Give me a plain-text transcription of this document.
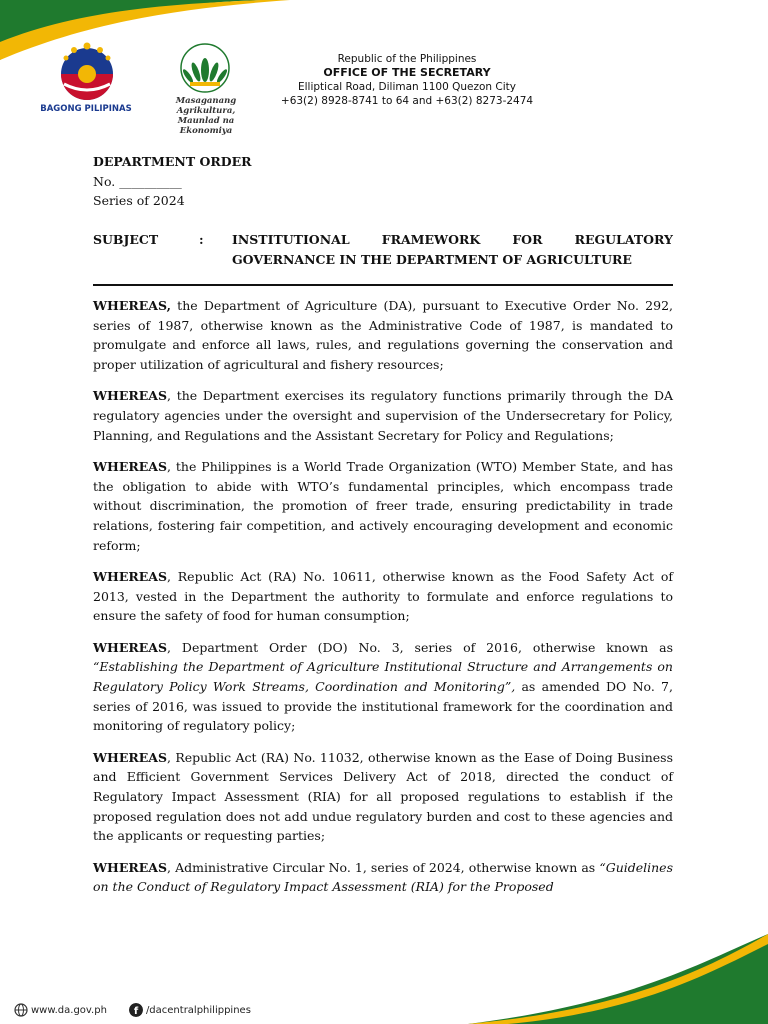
BAGONG PILIPINAS
Masaganang Agrikultura,
Maunlad na Ekonomiya
Republic of the Philippines
OFFICE OF THE SECRETARY
Elliptical Road, Diliman 1100 Quezon City
+63(2) 8928-8741 to 64 and +63(2) 8273-2474
DEPARTMENT ORDER
No. __________
Series of 2024
SUBJECT	: INSTITUTIONAL	FRAMEWORK	FOR	REGULATORY
GOVERNANCE IN THE DEPARTMENT OF AGRICULTURE

WHEREAS, the Department of Agriculture (DA), pursuant to Executive Order No. 292, series of 1987, otherwise known as the Administrative Code of 1987, is mandated to promulgate and enforce all laws, rules, and regulations governing the conservation and proper utilization of agricultural and fishery resources;

WHEREAS, the Department exercises its regulatory functions primarily through the DA regulatory agencies under the oversight and supervision of the Undersecretary for Policy, Planning, and Regulations and the Assistant Secretary for Policy and Regulations;

WHEREAS, the Philippines is a World Trade Organization (WTO) Member State, and has the obligation to abide with WTO’s fundamental principles, which encompass trade without discrimination, the promotion of freer trade, ensuring predictability in trade relations, fostering fair competition, and actively encouraging development and economic reform;

WHEREAS, Republic Act (RA) No. 10611, otherwise known as the Food Safety Act of 2013, vested in the Department the authority to formulate and enforce regulations to ensure the safety of food for human consumption;

WHEREAS, Department Order (DO) No. 3, series of 2016, otherwise known as “Establishing the Department of Agriculture Institutional Structure and Arrangements on Regulatory Policy Work Streams, Coordination and Monitoring”, as amended DO No. 7, series of 2016, was issued to provide the institutional framework for the coordination and monitoring of regulatory policy;

WHEREAS, Republic Act (RA) No. 11032, otherwise known as the Ease of Doing Business and Efficient Government Services Delivery Act of 2018, directed the conduct of Regulatory Impact Assessment (RIA) for all proposed regulations to establish if the proposed regulation does not add undue regulatory burden and cost to these agencies and the applicants or requesting parties;

WHEREAS, Administrative Circular No. 1, series of 2024, otherwise known as “Guidelines on the Conduct of Regulatory Impact Assessment (RIA) for the Proposed

www.da.gov.ph	f /dacentralphilippines
